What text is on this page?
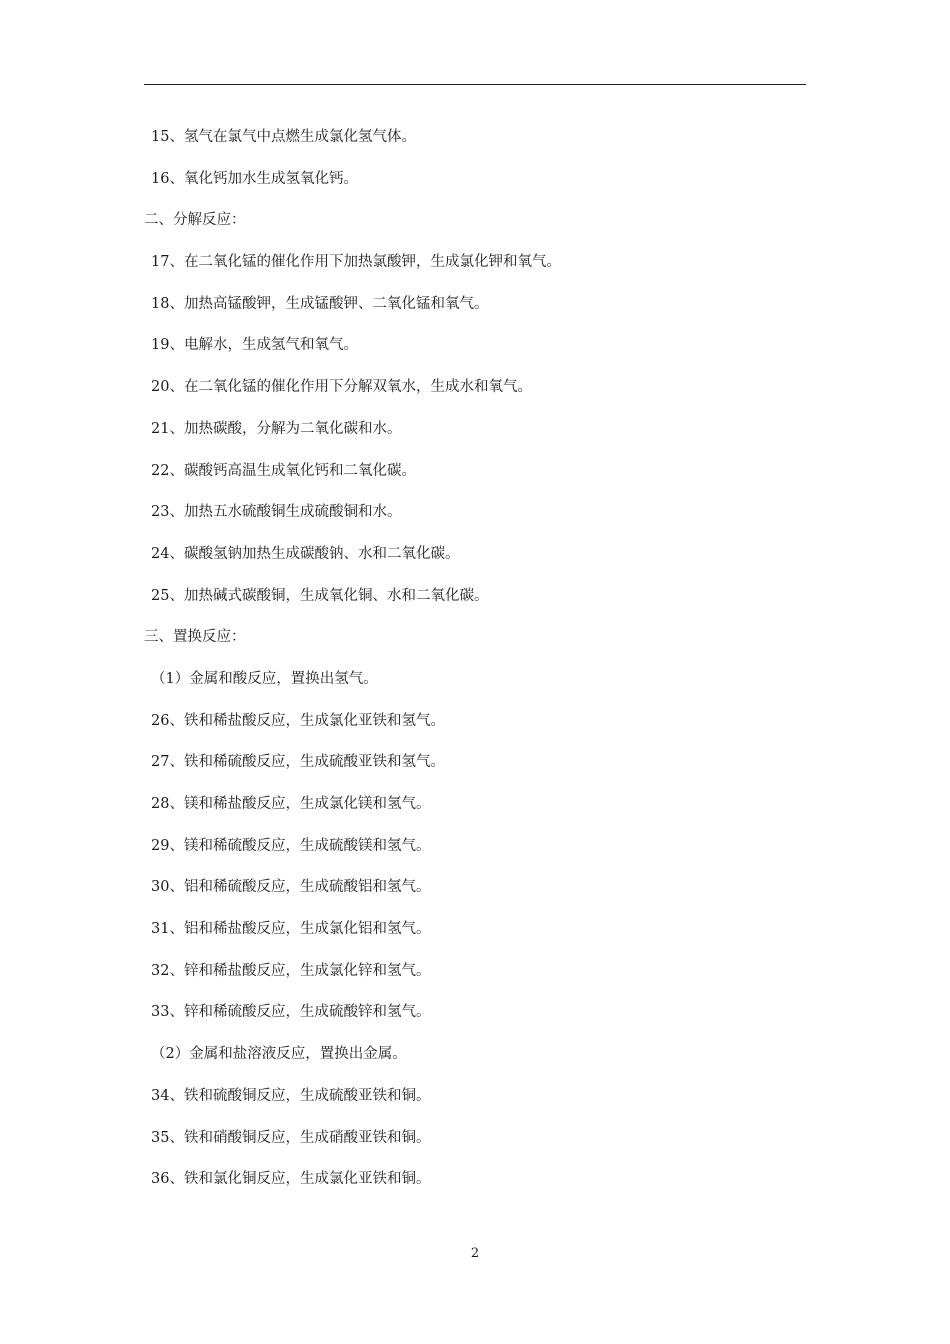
15、氢气在氯气中点燃生成氯化氢气体。
16、氧化钙加水生成氢氧化钙。
二、分解反应：
17、在二氧化锰的催化作用下加热氯酸钾，生成氯化钾和氧气。
18、加热高锰酸钾，生成锰酸钾、二氧化锰和氧气。
19、电解水，生成氢气和氧气。
20、在二氧化锰的催化作用下分解双氧水，生成水和氧气。
21、加热碳酸，分解为二氧化碳和水。
22、碳酸钙高温生成氧化钙和二氧化碳。
23、加热五水硫酸铜生成硫酸铜和水。
24、碳酸氢钠加热生成碳酸钠、水和二氧化碳。
25、加热碱式碳酸铜，生成氧化铜、水和二氧化碳。
三、置换反应：
（1）金属和酸反应，置换出氢气。
26、铁和稀盐酸反应，生成氯化亚铁和氢气。
27、铁和稀硫酸反应，生成硫酸亚铁和氢气。
28、镁和稀盐酸反应，生成氯化镁和氢气。
29、镁和稀硫酸反应，生成硫酸镁和氢气。
30、铝和稀硫酸反应，生成硫酸铝和氢气。
31、铝和稀盐酸反应，生成氯化铝和氢气。
32、锌和稀盐酸反应，生成氯化锌和氢气。
33、锌和稀硫酸反应，生成硫酸锌和氢气。
（2）金属和盐溶液反应，置换出金属。
34、铁和硫酸铜反应，生成硫酸亚铁和铜。
35、铁和硝酸铜反应，生成硝酸亚铁和铜。
36、铁和氯化铜反应，生成氯化亚铁和铜。
2
